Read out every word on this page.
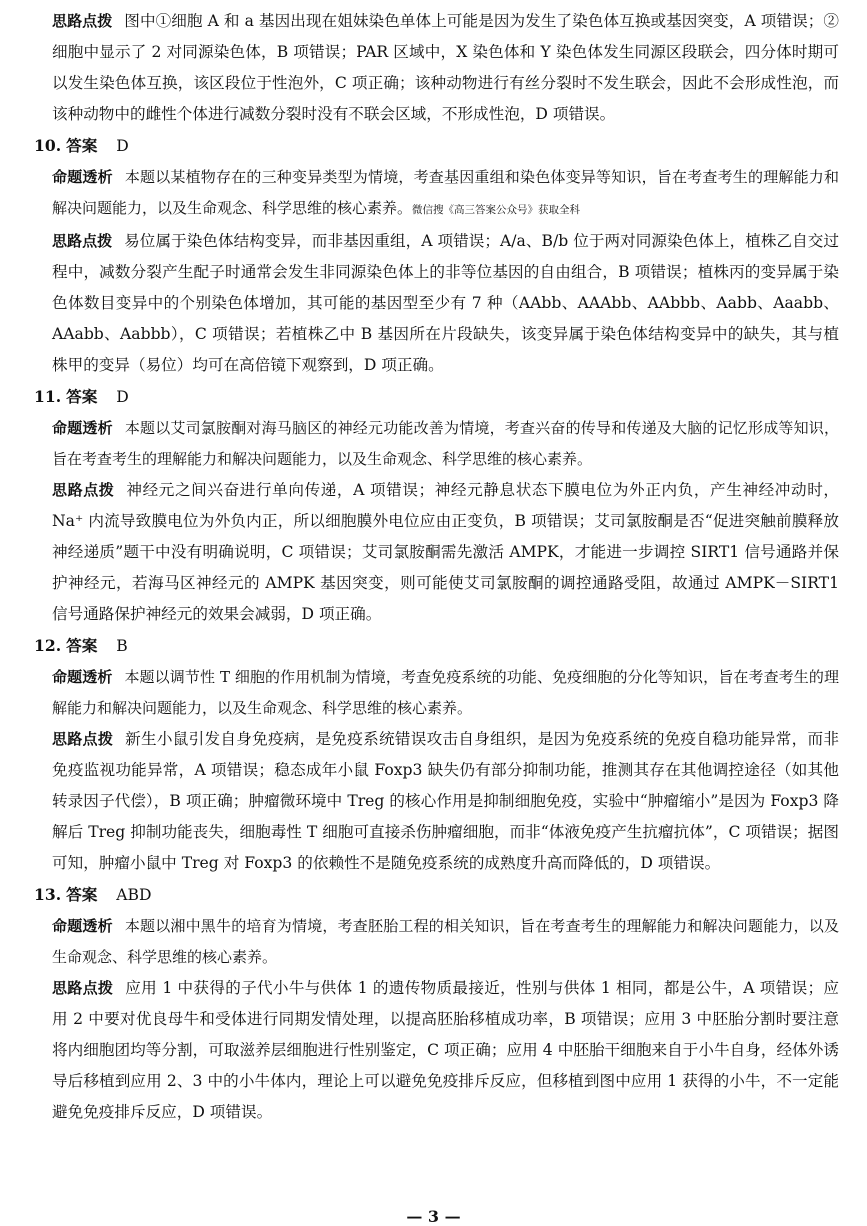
思路点拨 图中①细胞 A 和 a 基因出现在姐妹染色单体上可能是因为发生了染色体互换或基因突变，A 项错误；②细胞中显示了 2 对同源染色体，B 项错误；PAR 区域中，X 染色体和 Y 染色体发生同源区段联会，四分体时期可以发生染色体互换，该区段位于性泡外，C 项正确；该种动物进行有丝分裂时不发生联会，因此不会形成性泡，而该种动物中的雌性个体进行减数分裂时没有不联会区域，不形成性泡，D 项错误。

10. 答案 D

命题透析 本题以某植物存在的三种变异类型为情境，考查基因重组和染色体变异等知识，旨在考查考生的理解能力和解决问题能力，以及生命观念、科学思维的核心素养。微信搜《高三答案公众号》获取全科

思路点拨 易位属于染色体结构变异，而非基因重组，A 项错误；A/a、B/b 位于两对同源染色体上，植株乙自交过程中，减数分裂产生配子时通常会发生非同源染色体上的非等位基因的自由组合，B 项错误；植株丙的变异属于染色体数目变异中的个别染色体增加，其可能的基因型至少有 7 种（AAbb、AAAbb、AAbbb、Aabb、Aaabb、AAabb、Aabbb），C 项错误；若植株乙中 B 基因所在片段缺失，该变异属于染色体结构变异中的缺失，其与植株甲的变异（易位）均可在高倍镜下观察到，D 项正确。

11. 答案 D

命题透析 本题以艾司氯胺酮对海马脑区的神经元功能改善为情境，考查兴奋的传导和传递及大脑的记忆形成等知识，旨在考查考生的理解能力和解决问题能力，以及生命观念、科学思维的核心素养。

思路点拨 神经元之间兴奋进行单向传递，A 项错误；神经元静息状态下膜电位为外正内负，产生神经冲动时，Na⁺ 内流导致膜电位为外负内正，所以细胞膜外电位应由正变负，B 项错误；艾司氯胺酮是否“促进突触前膜释放神经递质”题干中没有明确说明，C 项错误；艾司氯胺酮需先激活 AMPK，才能进一步调控 SIRT1 信号通路并保护神经元，若海马区神经元的 AMPK 基因突变，则可能使艾司氯胺酮的调控通路受阻，故通过 AMPK－SIRT1 信号通路保护神经元的效果会减弱，D 项正确。

12. 答案 B

命题透析 本题以调节性 T 细胞的作用机制为情境，考查免疫系统的功能、免疫细胞的分化等知识，旨在考查考生的理解能力和解决问题能力，以及生命观念、科学思维的核心素养。

思路点拨 新生小鼠引发自身免疫病，是免疫系统错误攻击自身组织，是因为免疫系统的免疫自稳功能异常，而非免疫监视功能异常，A 项错误；稳态成年小鼠 Foxp3 缺失仍有部分抑制功能，推测其存在其他调控途径（如其他转录因子代偿），B 项正确；肿瘤微环境中 Treg 的核心作用是抑制细胞免疫，实验中“肿瘤缩小”是因为 Foxp3 降解后 Treg 抑制功能丧失，细胞毒性 T 细胞可直接杀伤肿瘤细胞，而非“体液免疫产生抗瘤抗体”，C 项错误；据图可知，肿瘤小鼠中 Treg 对 Foxp3 的依赖性不是随免疫系统的成熟度升高而降低的，D 项错误。

13. 答案 ABD

命题透析 本题以湘中黑牛的培育为情境，考查胚胎工程的相关知识，旨在考查考生的理解能力和解决问题能力，以及生命观念、科学思维的核心素养。

思路点拨 应用 1 中获得的子代小牛与供体 1 的遗传物质最接近，性别与供体 1 相同，都是公牛，A 项错误；应用 2 中要对优良母牛和受体进行同期发情处理，以提高胚胎移植成功率，B 项错误；应用 3 中胚胎分割时要注意将内细胞团均等分割，可取滋养层细胞进行性别鉴定，C 项正确；应用 4 中胚胎干细胞来自于小牛自身，经体外诱导后移植到应用 2、3 中的小牛体内，理论上可以避免免疫排斥反应，但移植到图中应用 1 获得的小牛，不一定能避免免疫排斥反应，D 项错误。

— 3 —
